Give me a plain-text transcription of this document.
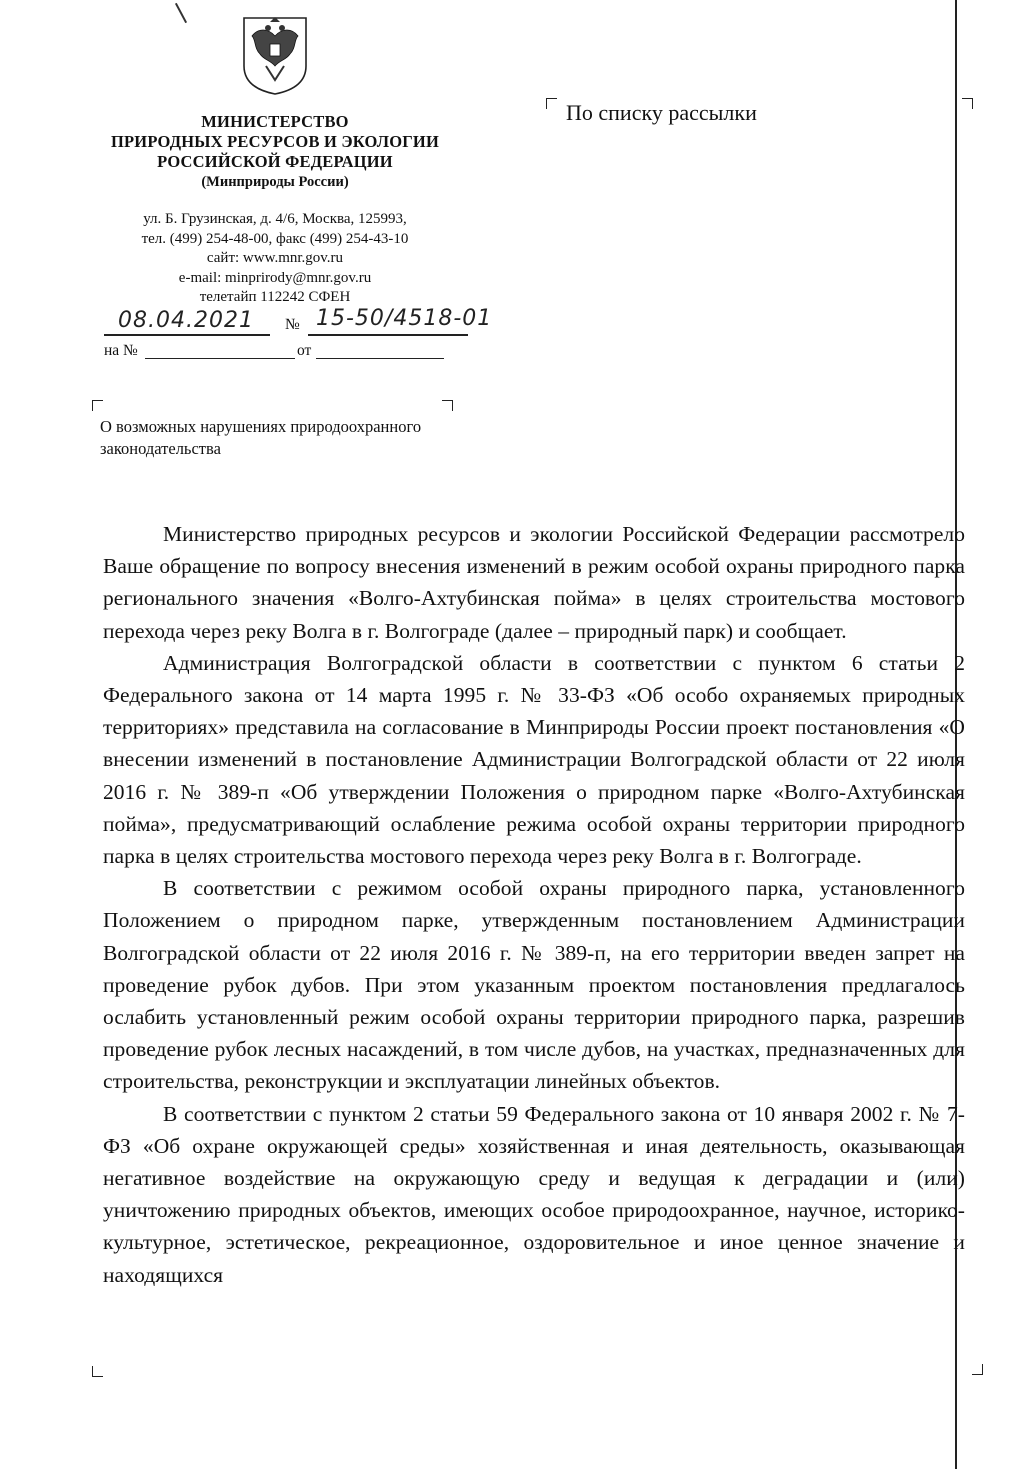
МИНИСТЕРСТВО
ПРИРОДНЫХ РЕСУРСОВ И ЭКОЛОГИИ
РОССИЙСКОЙ ФЕДЕРАЦИИ
(Минприроды России)
ул. Б. Грузинская, д. 4/6, Москва, 125993,
тел. (499) 254-48-00, факс (499) 254-43-10
сайт: www.mnr.gov.ru
e-mail: minprirody@mnr.gov.ru
телетайп 112242 СФЕН
По списку рассылки
08.04.2021 № 15-50/4518-01
на №	от
О возможных нарушениях природоохранного законодательства

Министерство природных ресурсов и экологии Российской Федерации рассмотрело Ваше обращение по вопросу внесения изменений в режим особой охраны природного парка регионального значения «Волго-Ахтубинская пойма» в целях строительства мостового перехода через реку Волга в г. Волгограде (далее – природный парк) и сообщает.

Администрация Волгоградской области в соответствии с пунктом 6 статьи 2 Федерального закона от 14 марта 1995 г. № 33-ФЗ «Об особо охраняемых природных территориях» представила на согласование в Минприроды России проект постановления «О внесении изменений в постановление Администрации Волгоградской области от 22 июля 2016 г. № 389-п «Об утверждении Положения о природном парке «Волго-Ахтубинская пойма», предусматривающий ослабление режима особой охраны территории природного парка в целях строительства мостового перехода через реку Волга в г. Волгограде.

В соответствии с режимом особой охраны природного парка, установленного Положением о природном парке, утвержденным постановлением Администрации Волгоградской области от 22 июля 2016 г. № 389-п, на его территории введен запрет на проведение рубок дубов. При этом указанным проектом постановления предлагалось ослабить установленный режим особой охраны территории природного парка, разрешив проведение рубок лесных насаждений, в том числе дубов, на участках, предназначенных для строительства, реконструкции и эксплуатации линейных объектов.

В соответствии с пунктом 2 статьи 59 Федерального закона от 10 января 2002 г. № 7-ФЗ «Об охране окружающей среды» хозяйственная и иная деятельность, оказывающая негативное воздействие на окружающую среду и ведущая к деградации и (или) уничтожению природных объектов, имеющих особое природоохранное, научное, историко-культурное, эстетическое, рекреационное, оздоровительное и иное ценное значение и находящихся
